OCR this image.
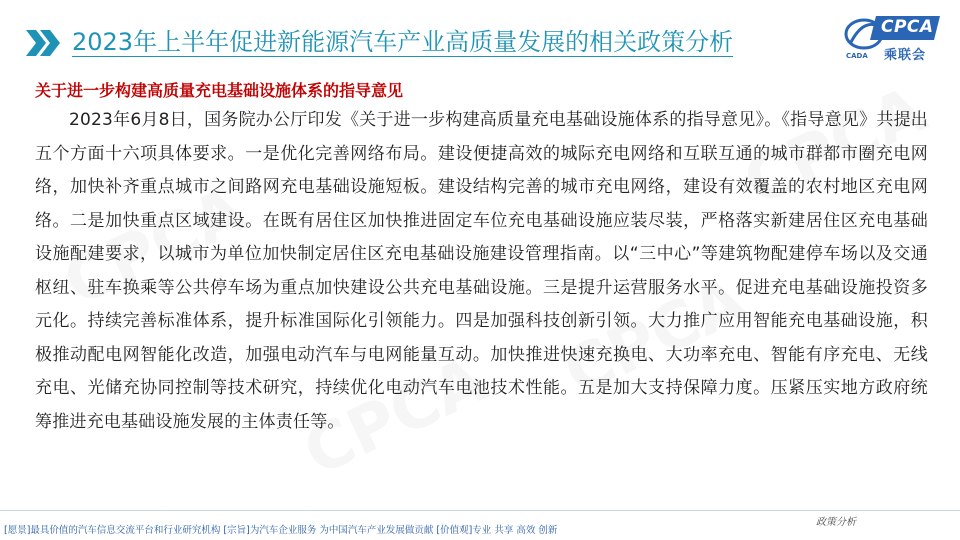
2023年上半年促进新能源汽车产业高质量发展的相关政策分析
CPCA
乘联会
CADA
关于进一步构建高质量充电基础设施体系的指导意见
2023年6月8日，国务院办公厅印发《关于进一步构建高质量充电基础设施体系的指导意见》。《指导意见》共提出五个方面十六项具体要求。一是优化完善网络布局。建设便捷高效的城际充电网络和互联互通的城市群都市圈充电网络，加快补齐重点城市之间路网充电基础设施短板。建设结构完善的城市充电网络，建设有效覆盖的农村地区充电网络。二是加快重点区域建设。在既有居住区加快推进固定车位充电基础设施应装尽装，严格落实新建居住区充电基础设施配建要求，以城市为单位加快制定居住区充电基础设施建设管理指南。以“三中心”等建筑物配建停车场以及交通枢纽、驻车换乘等公共停车场为重点加快建设公共充电基础设施。三是提升运营服务水平。促进充电基础设施投资多元化。持续完善标准体系，提升标准国际化引领能力。四是加强科技创新引领。大力推广应用智能充电基础设施，积极推动配电网智能化改造，加强电动汽车与电网能量互动。加快推进快速充换电、大功率充电、智能有序充电、无线充电、光储充协同控制等技术研究，持续优化电动汽车电池技术性能。五是加大支持保障力度。压紧压实地方政府统筹推进充电基础设施发展的主体责任等。
[愿景]最具价值的汽车信息交流平台和行业研究机构 [宗旨]为汽车企业服务 为中国汽车产业发展做贡献 [价值观]专业 共享 高效 创新
政策分析
